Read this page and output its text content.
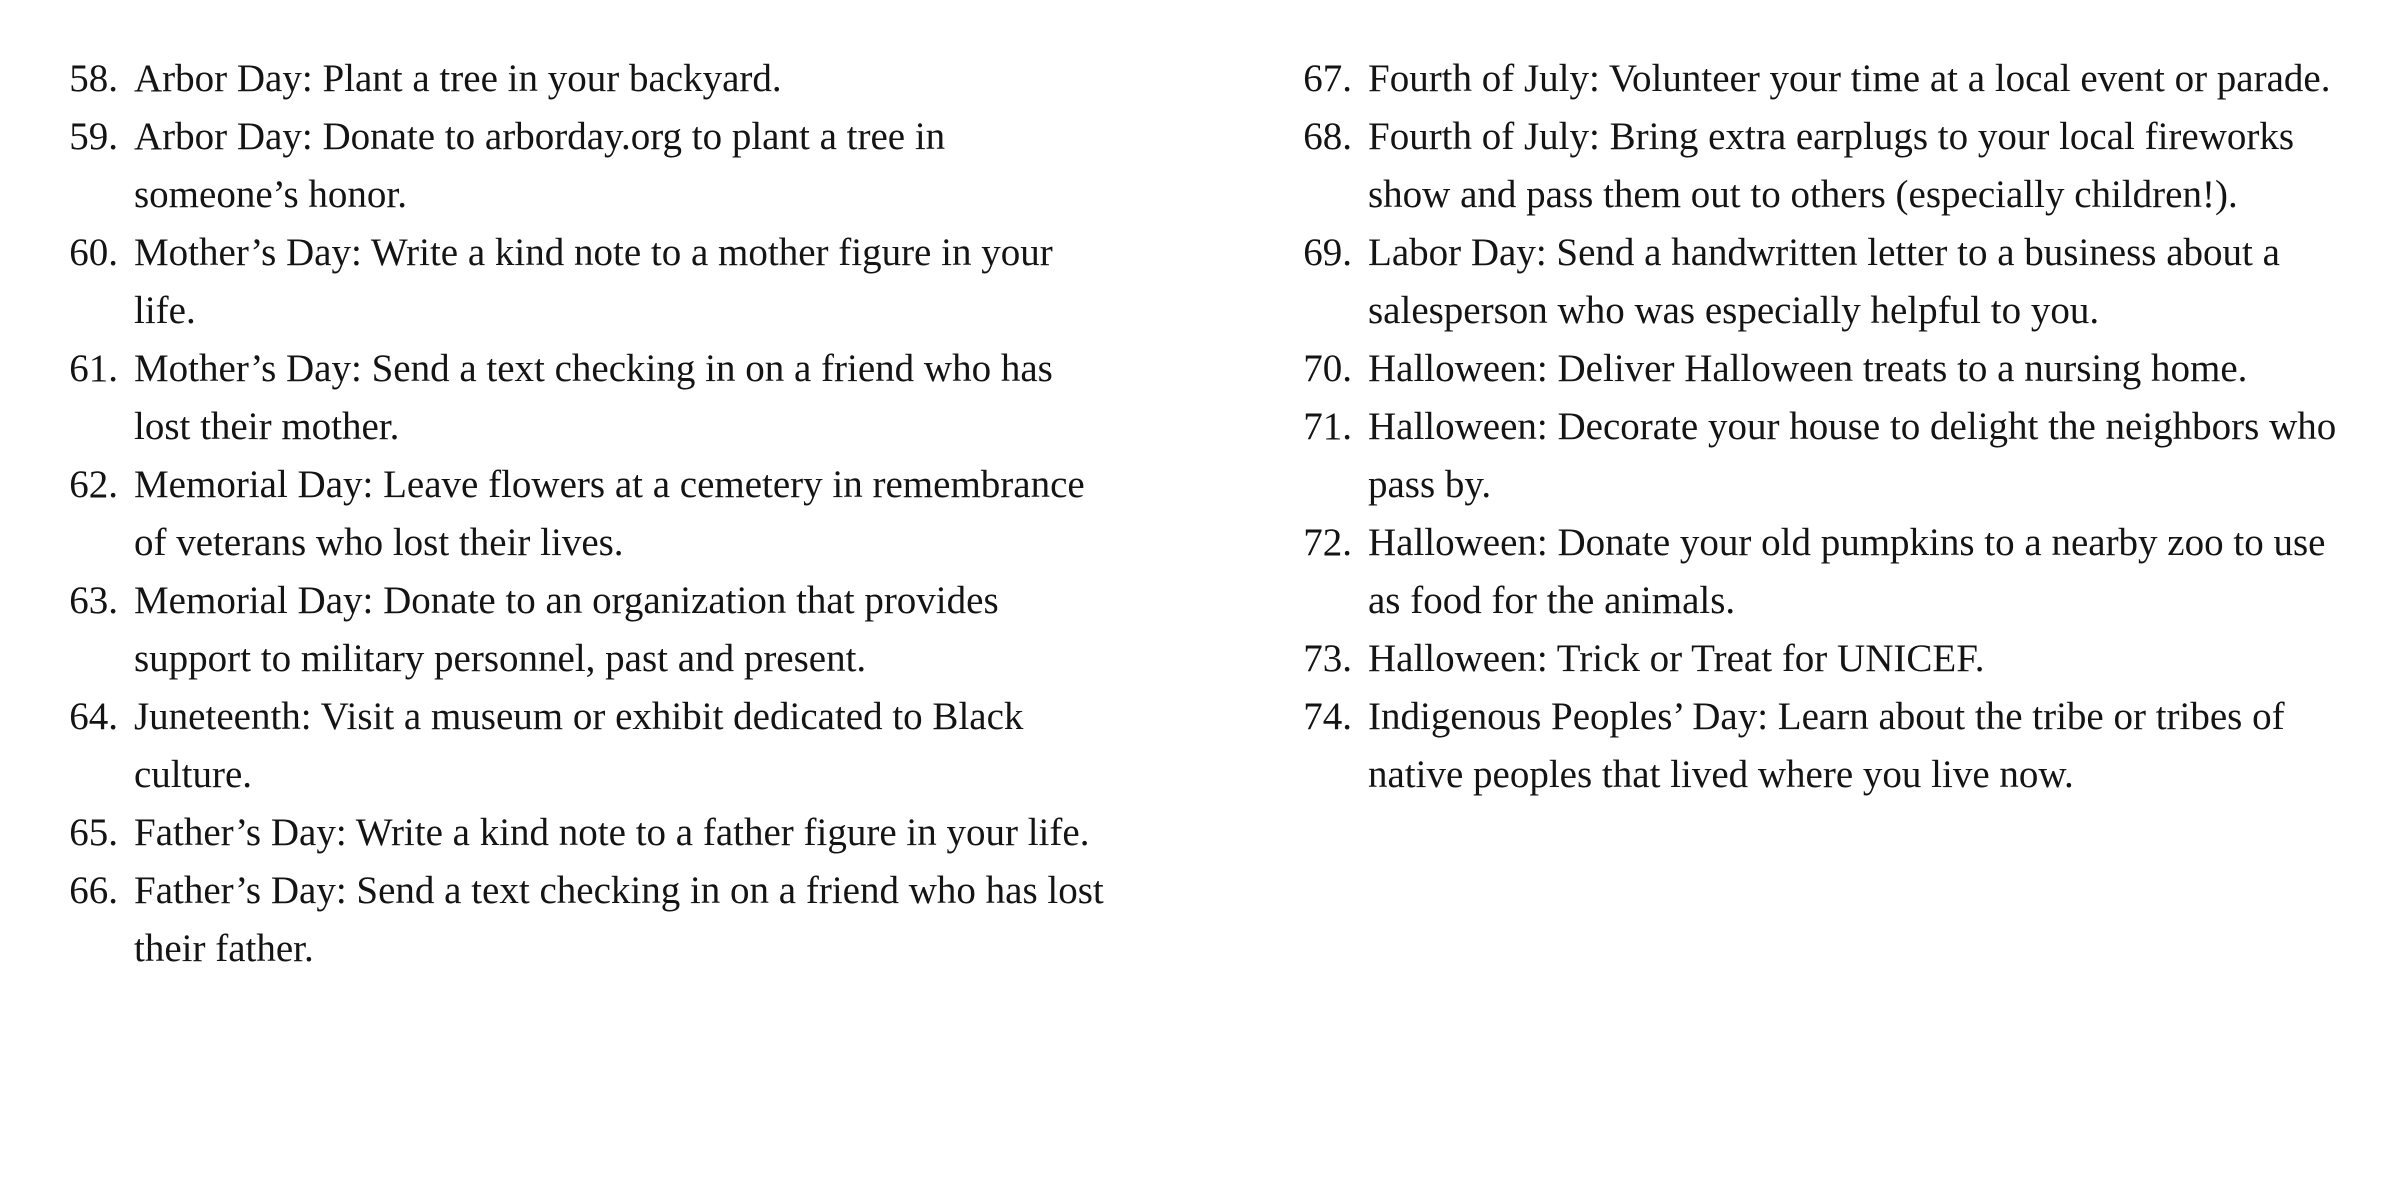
58. Arbor Day: Plant a tree in your backyard.
59. Arbor Day: Donate to arborday.org to plant a tree in someone’s honor.
60. Mother’s Day: Write a kind note to a mother figure in your life.
61. Mother’s Day: Send a text checking in on a friend who has lost their mother.
62. Memorial Day: Leave flowers at a cemetery in remembrance of veterans who lost their lives.
63. Memorial Day: Donate to an organization that provides support to military personnel, past and present.
64. Juneteenth: Visit a museum or exhibit dedicated to Black culture.
65. Father’s Day: Write a kind note to a father figure in your life.
66. Father’s Day: Send a text checking in on a friend who has lost their father.
67. Fourth of July: Volunteer your time at a local event or parade.
68. Fourth of July: Bring extra earplugs to your local fireworks show and pass them out to others (especially children!).
69. Labor Day: Send a handwritten letter to a business about a salesperson who was especially helpful to you.
70. Halloween: Deliver Halloween treats to a nursing home.
71. Halloween: Decorate your house to delight the neighbors who pass by.
72. Halloween: Donate your old pumpkins to a nearby zoo to use as food for the animals.
73. Halloween: Trick or Treat for UNICEF.
74. Indigenous Peoples’ Day: Learn about the tribe or tribes of native peoples that lived where you live now.
